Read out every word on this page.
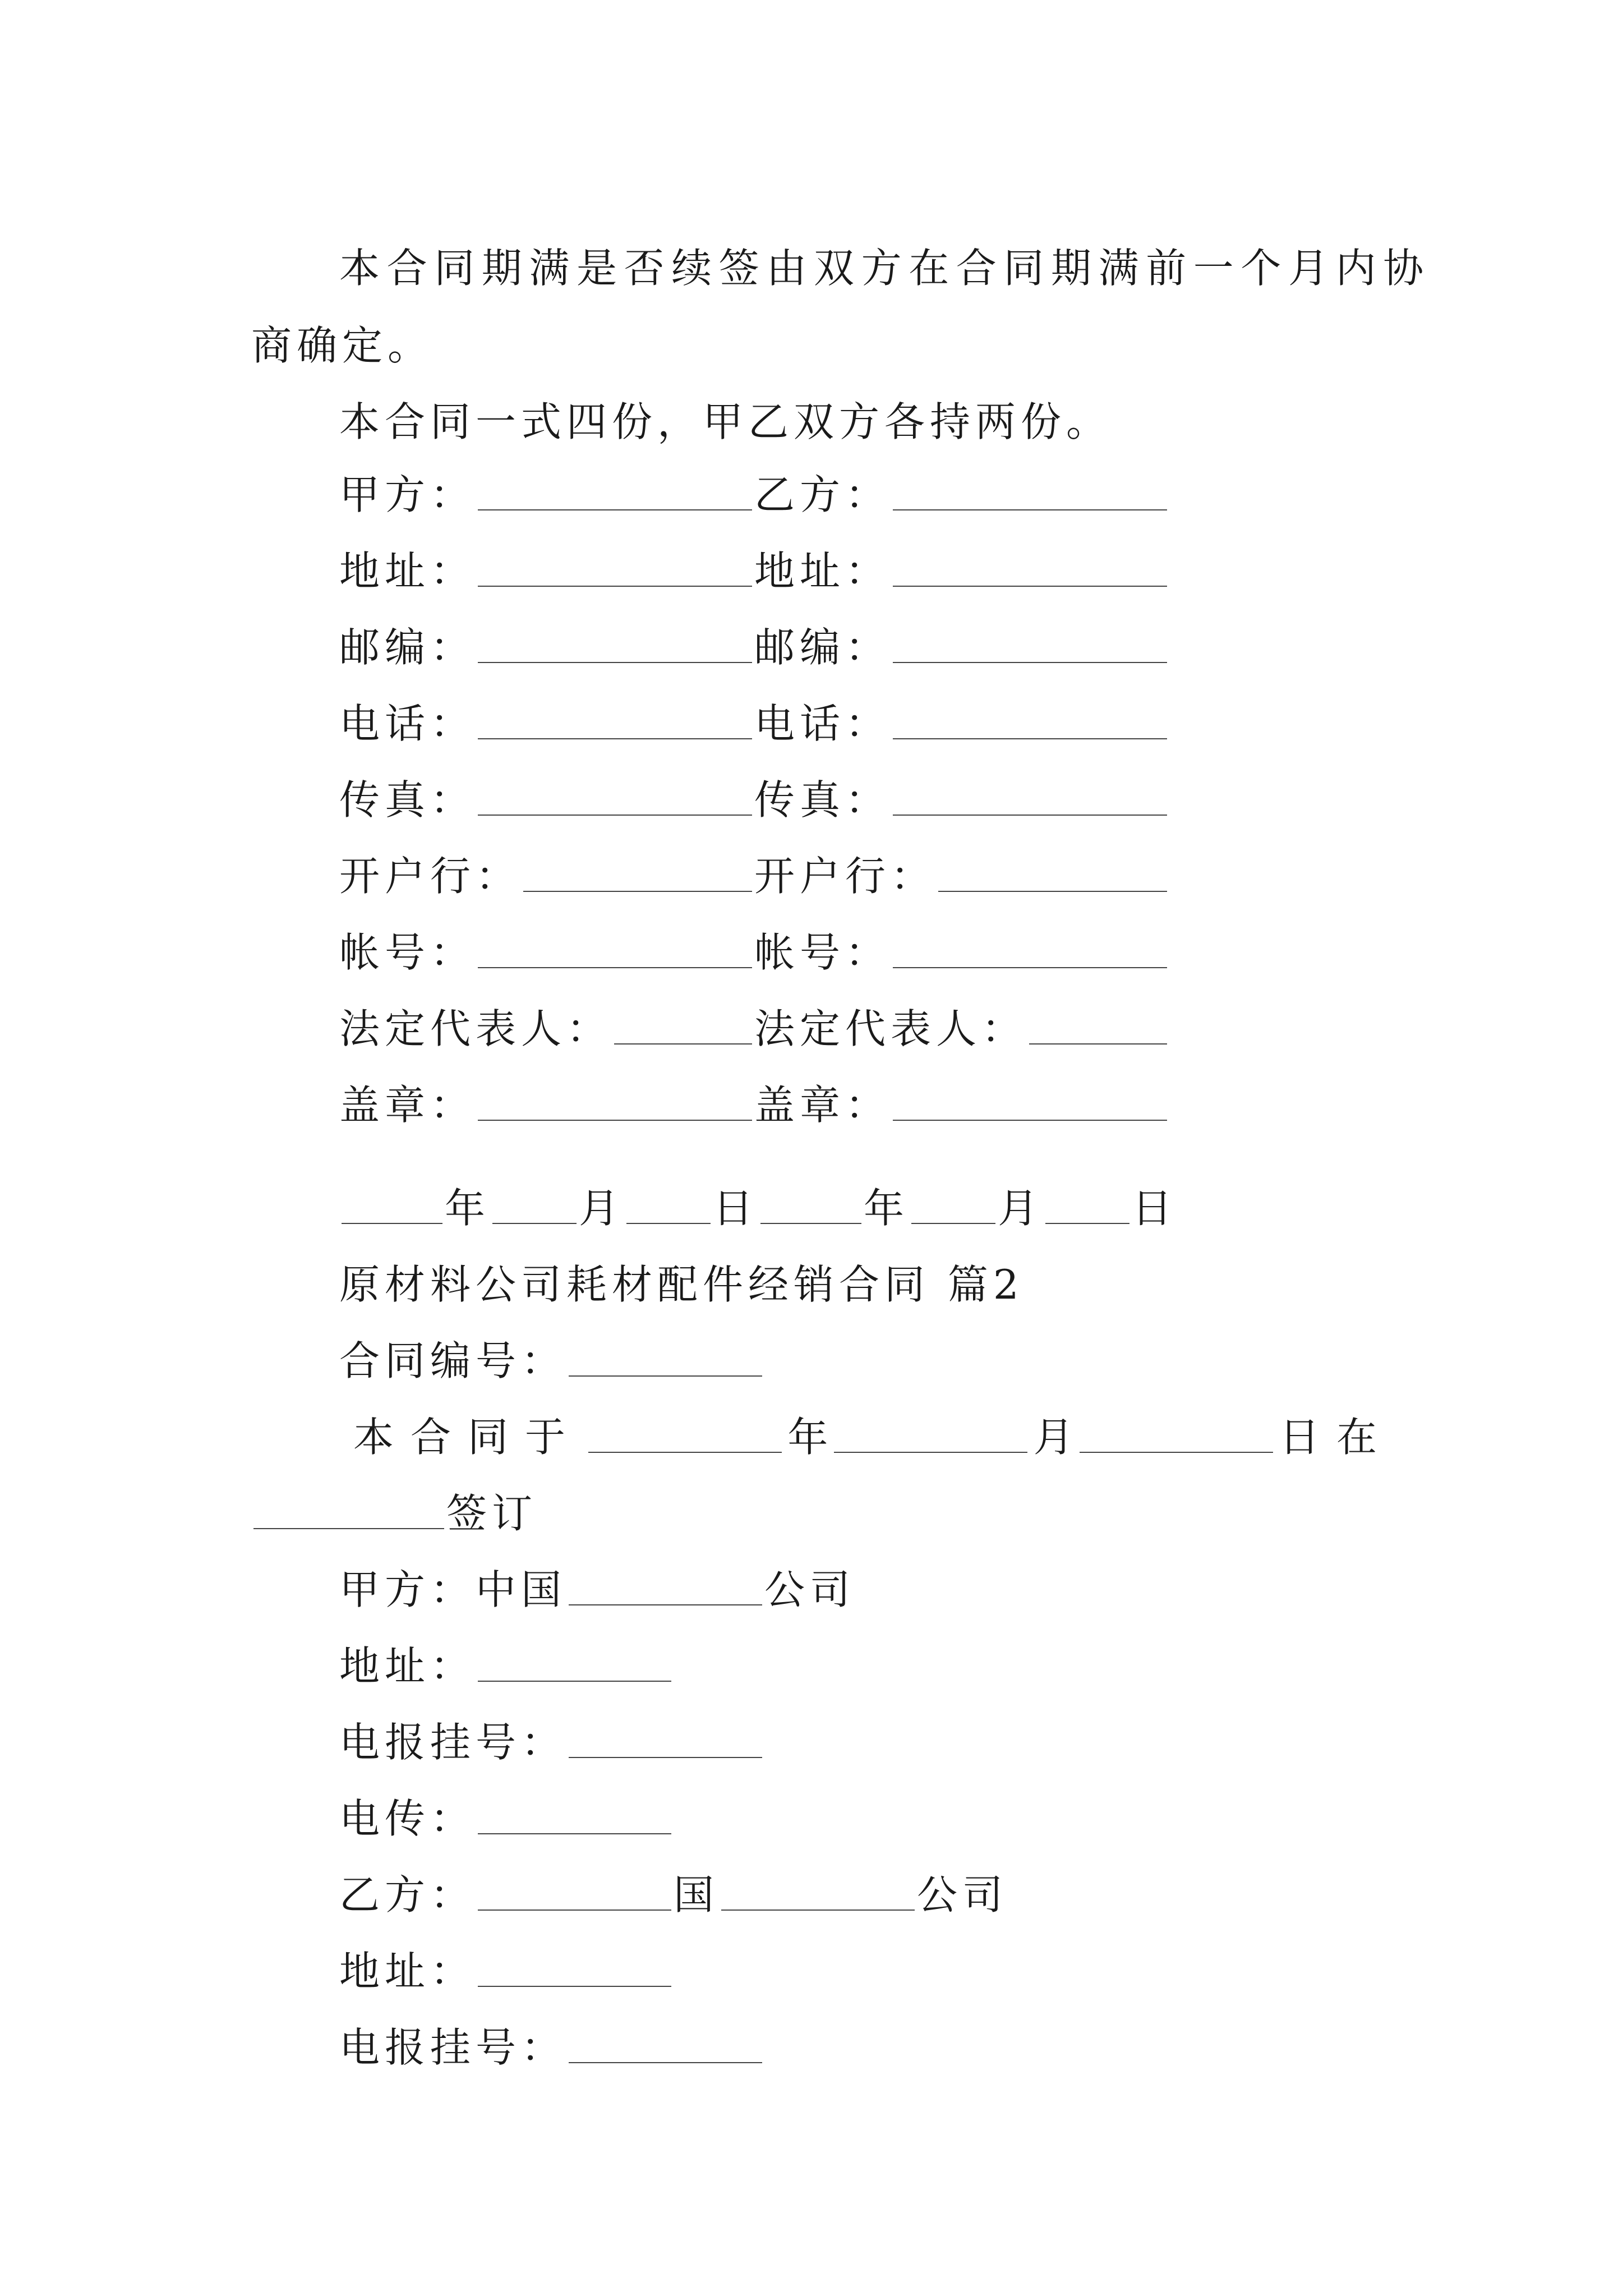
本合同期满是否续签由双方在合同期满前一个月内协
商确定。
本合同一式四份，甲乙双方各持两份。
甲方：	乙方：
地址：	地址：
邮编：	邮编：
电话：	电话：
传真：	传真：
开户行：	开户行：
帐号：	帐号：
法定代表人：	法定代表人：
盖章：	盖章：
年 月 日	年 月 日
原材料公司耗材配件经销合同 篇2
合同编号：
本合同于	年	月	日在
签订
甲方：中国	公司
地址：
电报挂号：
电传：
乙方：	国	公司
地址：
电报挂号：
